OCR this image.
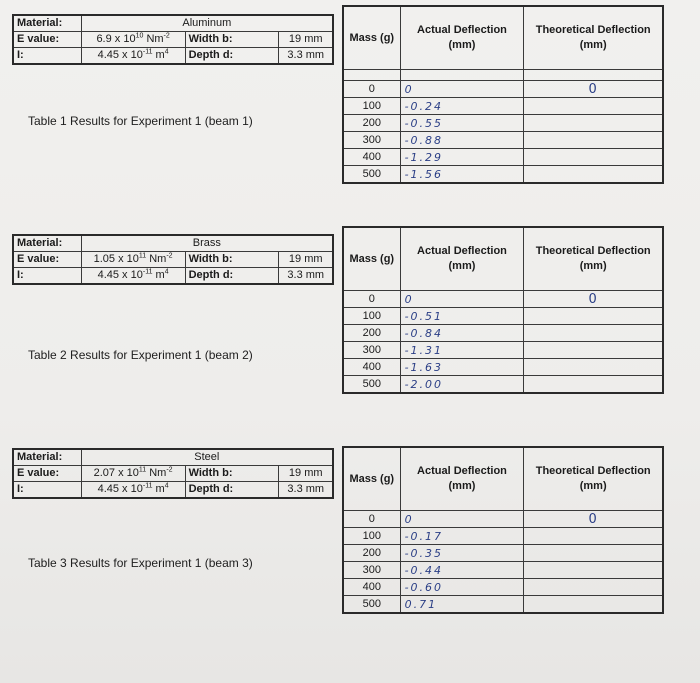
Material:	Aluminum		
E value:	6.9 x $10^{10}$ $Nm^{-2}$	Width b:	19 mm
I:	4.45 x $10^{-11}$ $m^4$	Depth d:	3.3 mm
Table 1 Results for Experiment 1 (beam 1)
Mass (g)	Actual Deflection (mm)	Theoretical Deflection (mm)

0	0	0
100	-0.24	
200	-0.55	
300	-0.88	
400	-1.29	
500	-1.56	
Material:	Brass		
E value:	1.05 x $10^{11}$ $Nm^{-2}$	Width b:	19 mm
I:	4.45 x $10^{-11}$ $m^4$	Depth d:	3.3 mm
Table 2 Results for Experiment 1 (beam 2)
Mass (g)	Actual Deflection (mm)	Theoretical Deflection (mm)
0	0	0
100	-0.51	
200	-0.84	
300	-1.31	
400	-1.63	
500	-2.00	
Material:	Steel		
E value:	2.07 x $10^{11}$ $Nm^{-2}$	Width b:	19 mm
I:	4.45 x $10^{-11}$ $m^4$	Depth d:	3.3 mm
Table 3 Results for Experiment 1 (beam 3)
Mass (g)	Actual Deflection (mm)	Theoretical Deflection (mm)
0	0	0
100	-0.17	
200	-0.35	
300	-0.44	
400	-0.60	
500	0.71	
